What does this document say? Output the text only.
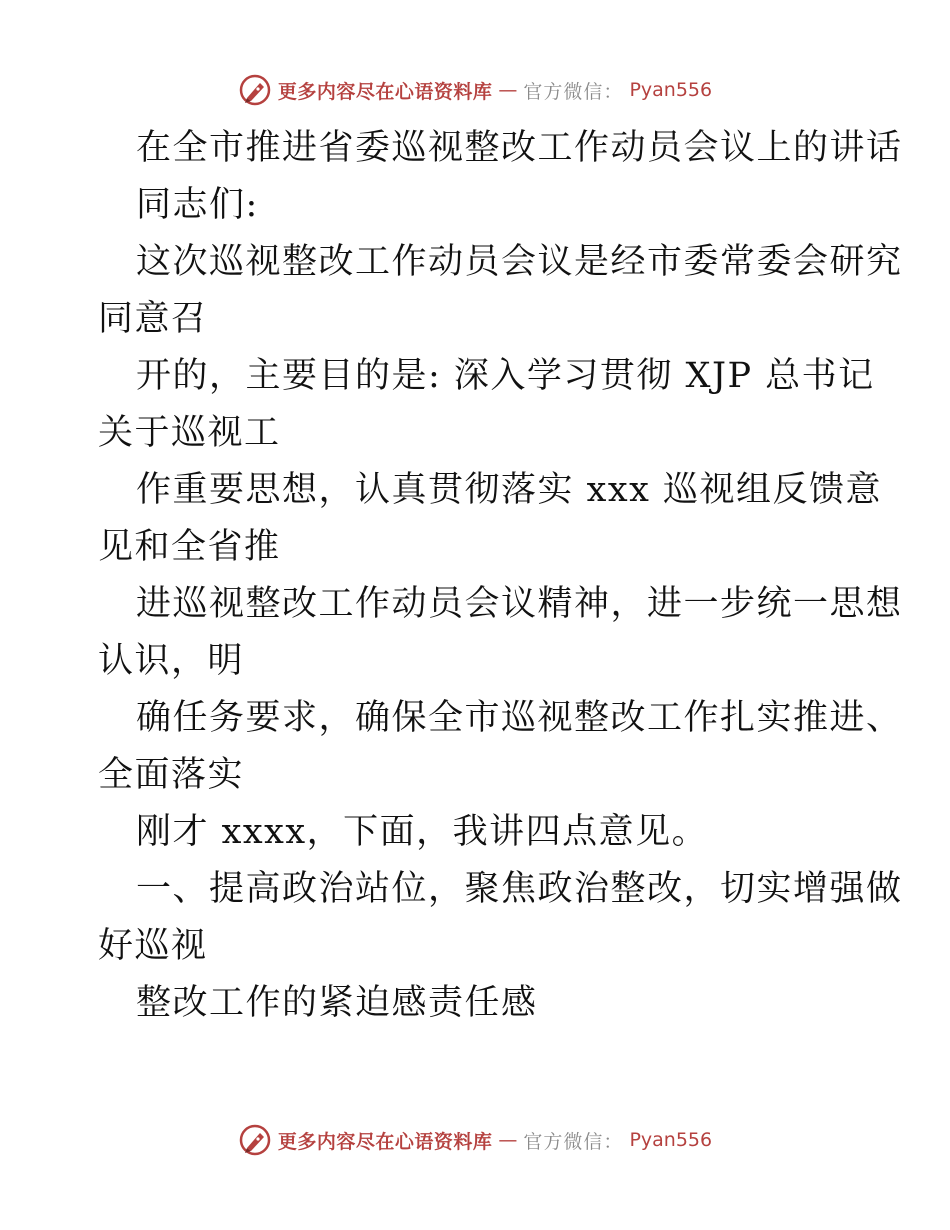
更多内容尽在心语资料库 — 官方微信： Pyan556
在全市推进省委巡视整改工作动员会议上的讲话
同志们:
这次巡视整改工作动员会议是经市委常委会研究
同意召
开的，主要目的是: 深入学习贯彻 XJP 总书记
关于巡视工
作重要思想，认真贯彻落实 xxx 巡视组反馈意
见和全省推
进巡视整改工作动员会议精神，进一步统一思想
认识，明
确任务要求，确保全市巡视整改工作扎实推进、
全面落实
刚才 xxxx，下面，我讲四点意见。
一、提高政治站位，聚焦政治整改，切实增强做
好巡视
整改工作的紧迫感责任感
更多内容尽在心语资料库 — 官方微信： Pyan556
